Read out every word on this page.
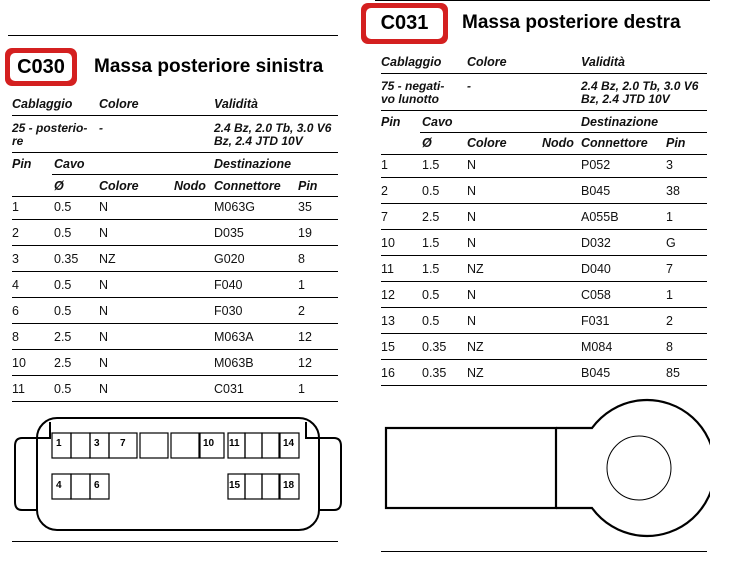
C030	Massa posteriore sinistra
Cablaggio Colore	Validità
25 - posterio-
re
-	2.4 Bz, 2.0 Tb, 3.0 V6
Bz, 2.4 JTD 10V
Pin Cavo	Destinazione
Ø	Colore	Nodo Connettore Pin
1	0.5 N	M063G	35
2	0.5 N	D035	19
3	0.35 NZ	G020	8
4	0.5 N	F040	1
6	0.5 N	F030	2
8	2.5 N	M063A	12
10 2.5 N	M063B	12
11 0.5 N	C031	1
1	3 7	10 11	14
4	6	15	18
C031	Massa posteriore destra
Cablaggio Colore	Validità
75 - negati-
vo lunotto
-	2.4 Bz, 2.0 Tb, 3.0 V6
Bz, 2.4 JTD 10V
Pin Cavo	Destinazione
Ø	Colore	Nodo Connettore Pin
1	1.5 N	P052	3
2	0.5 N	B045	38
7	2.5 N	A055B	1
10 1.5 N	D032	G
11 1.5 NZ	D040	7
12 0.5 N	C058	1
13 0.5 N	F031	2
15 0.35 NZ	M084	8
16 0.35 NZ	B045	85
